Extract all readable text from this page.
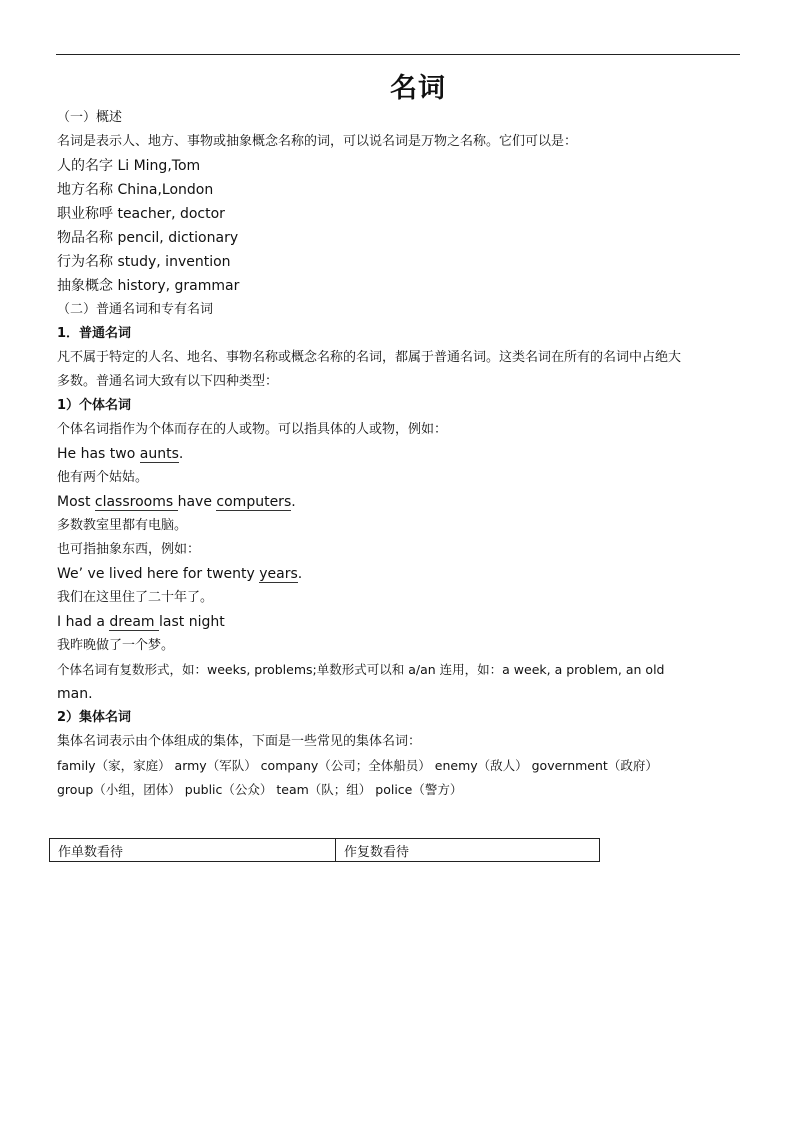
名词
（一）概述
名词是表示人、地方、事物或抽象概念名称的词，可以说名词是万物之名称。它们可以是：
人的名字 Li Ming,Tom
地方名称 China,London
职业称呼 teacher, doctor
物品名称 pencil, dictionary
行为名称 study, invention
抽象概念 history, grammar
（二）普通名词和专有名词
1．普通名词
凡不属于特定的人名、地名、事物名称或概念名称的名词，都属于普通名词。这类名词在所有的名词中占绝大
多数。普通名词大致有以下四种类型：
1）个体名词
个体名词指作为个体而存在的人或物。可以指具体的人或物，例如：
He has two aunts.
他有两个姑姑。
Most classrooms have computers.
多数教室里都有电脑。
也可指抽象东西，例如：
We’ ve lived here for twenty years.
我们在这里住了二十年了。
I had a dream last night
我昨晚做了一个梦。
个体名词有复数形式，如：weeks, problems;单数形式可以和 a/an 连用，如：a week, a problem, an old
man.
2）集体名词
集体名词表示由个体组成的集体，下面是一些常见的集体名词：
family（家，家庭） army（军队） company（公司；全体船员） enemy（敌人） government（政府）
group（小组，团体） public（公众） team（队；组） police（警方）
作单数看待	作复数看待
